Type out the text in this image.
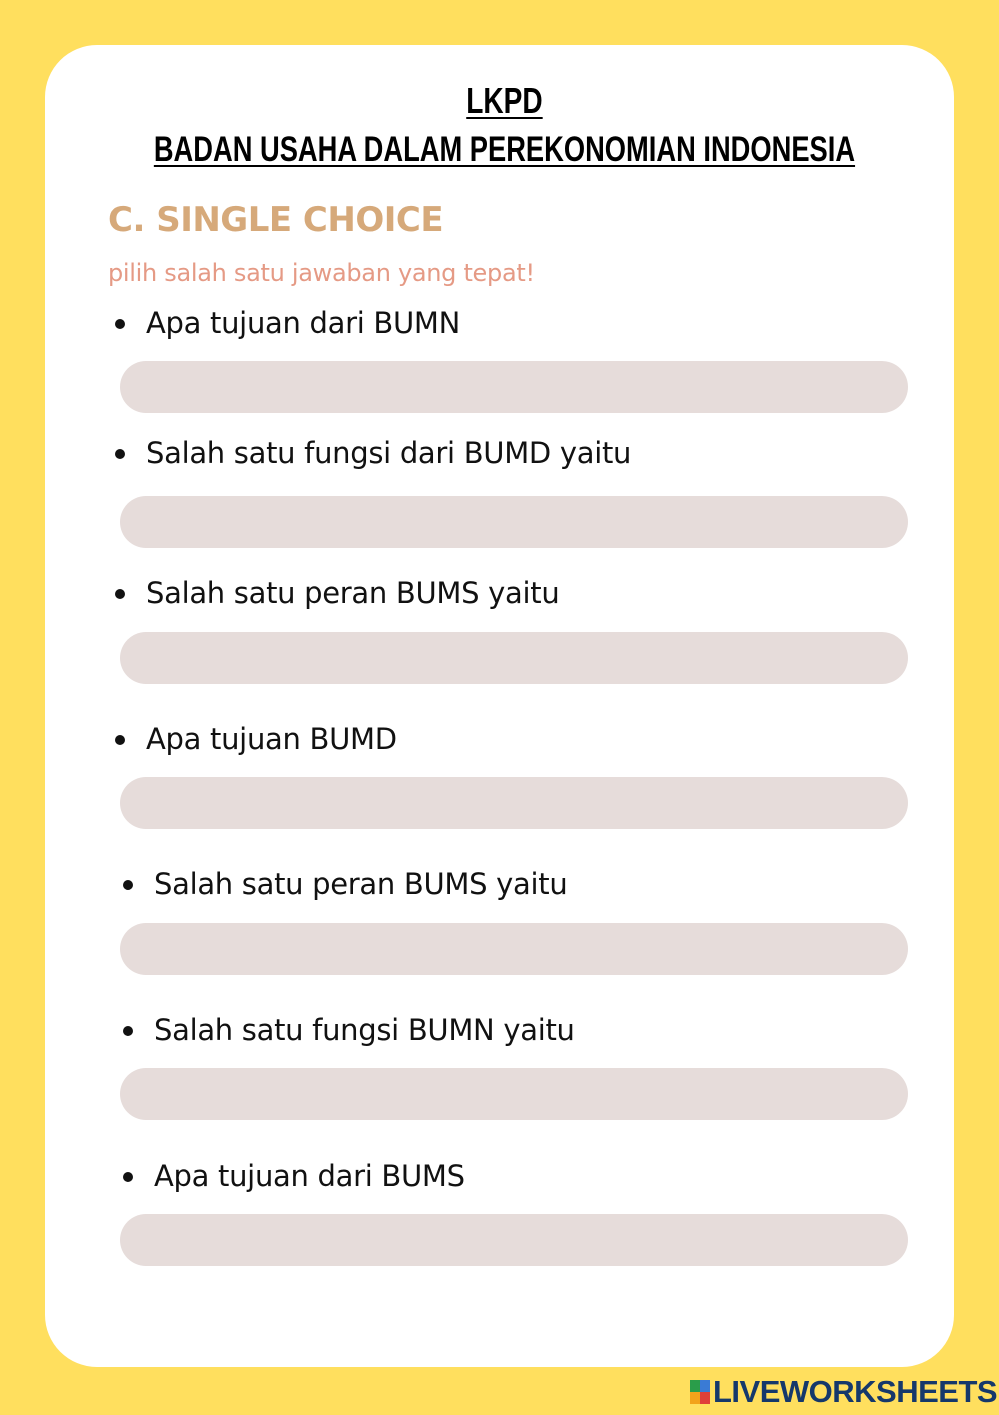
LKPD
BADAN USAHA DALAM PEREKONOMIAN INDONESIA
C. SINGLE CHOICE
pilih salah satu jawaban yang tepat!
Apa tujuan dari BUMN
Salah satu fungsi dari BUMD yaitu
Salah satu peran BUMS yaitu
Apa tujuan BUMD
Salah satu peran BUMS yaitu
Salah satu fungsi BUMN yaitu
Apa tujuan dari BUMS
LIVEWORKSHEETS
